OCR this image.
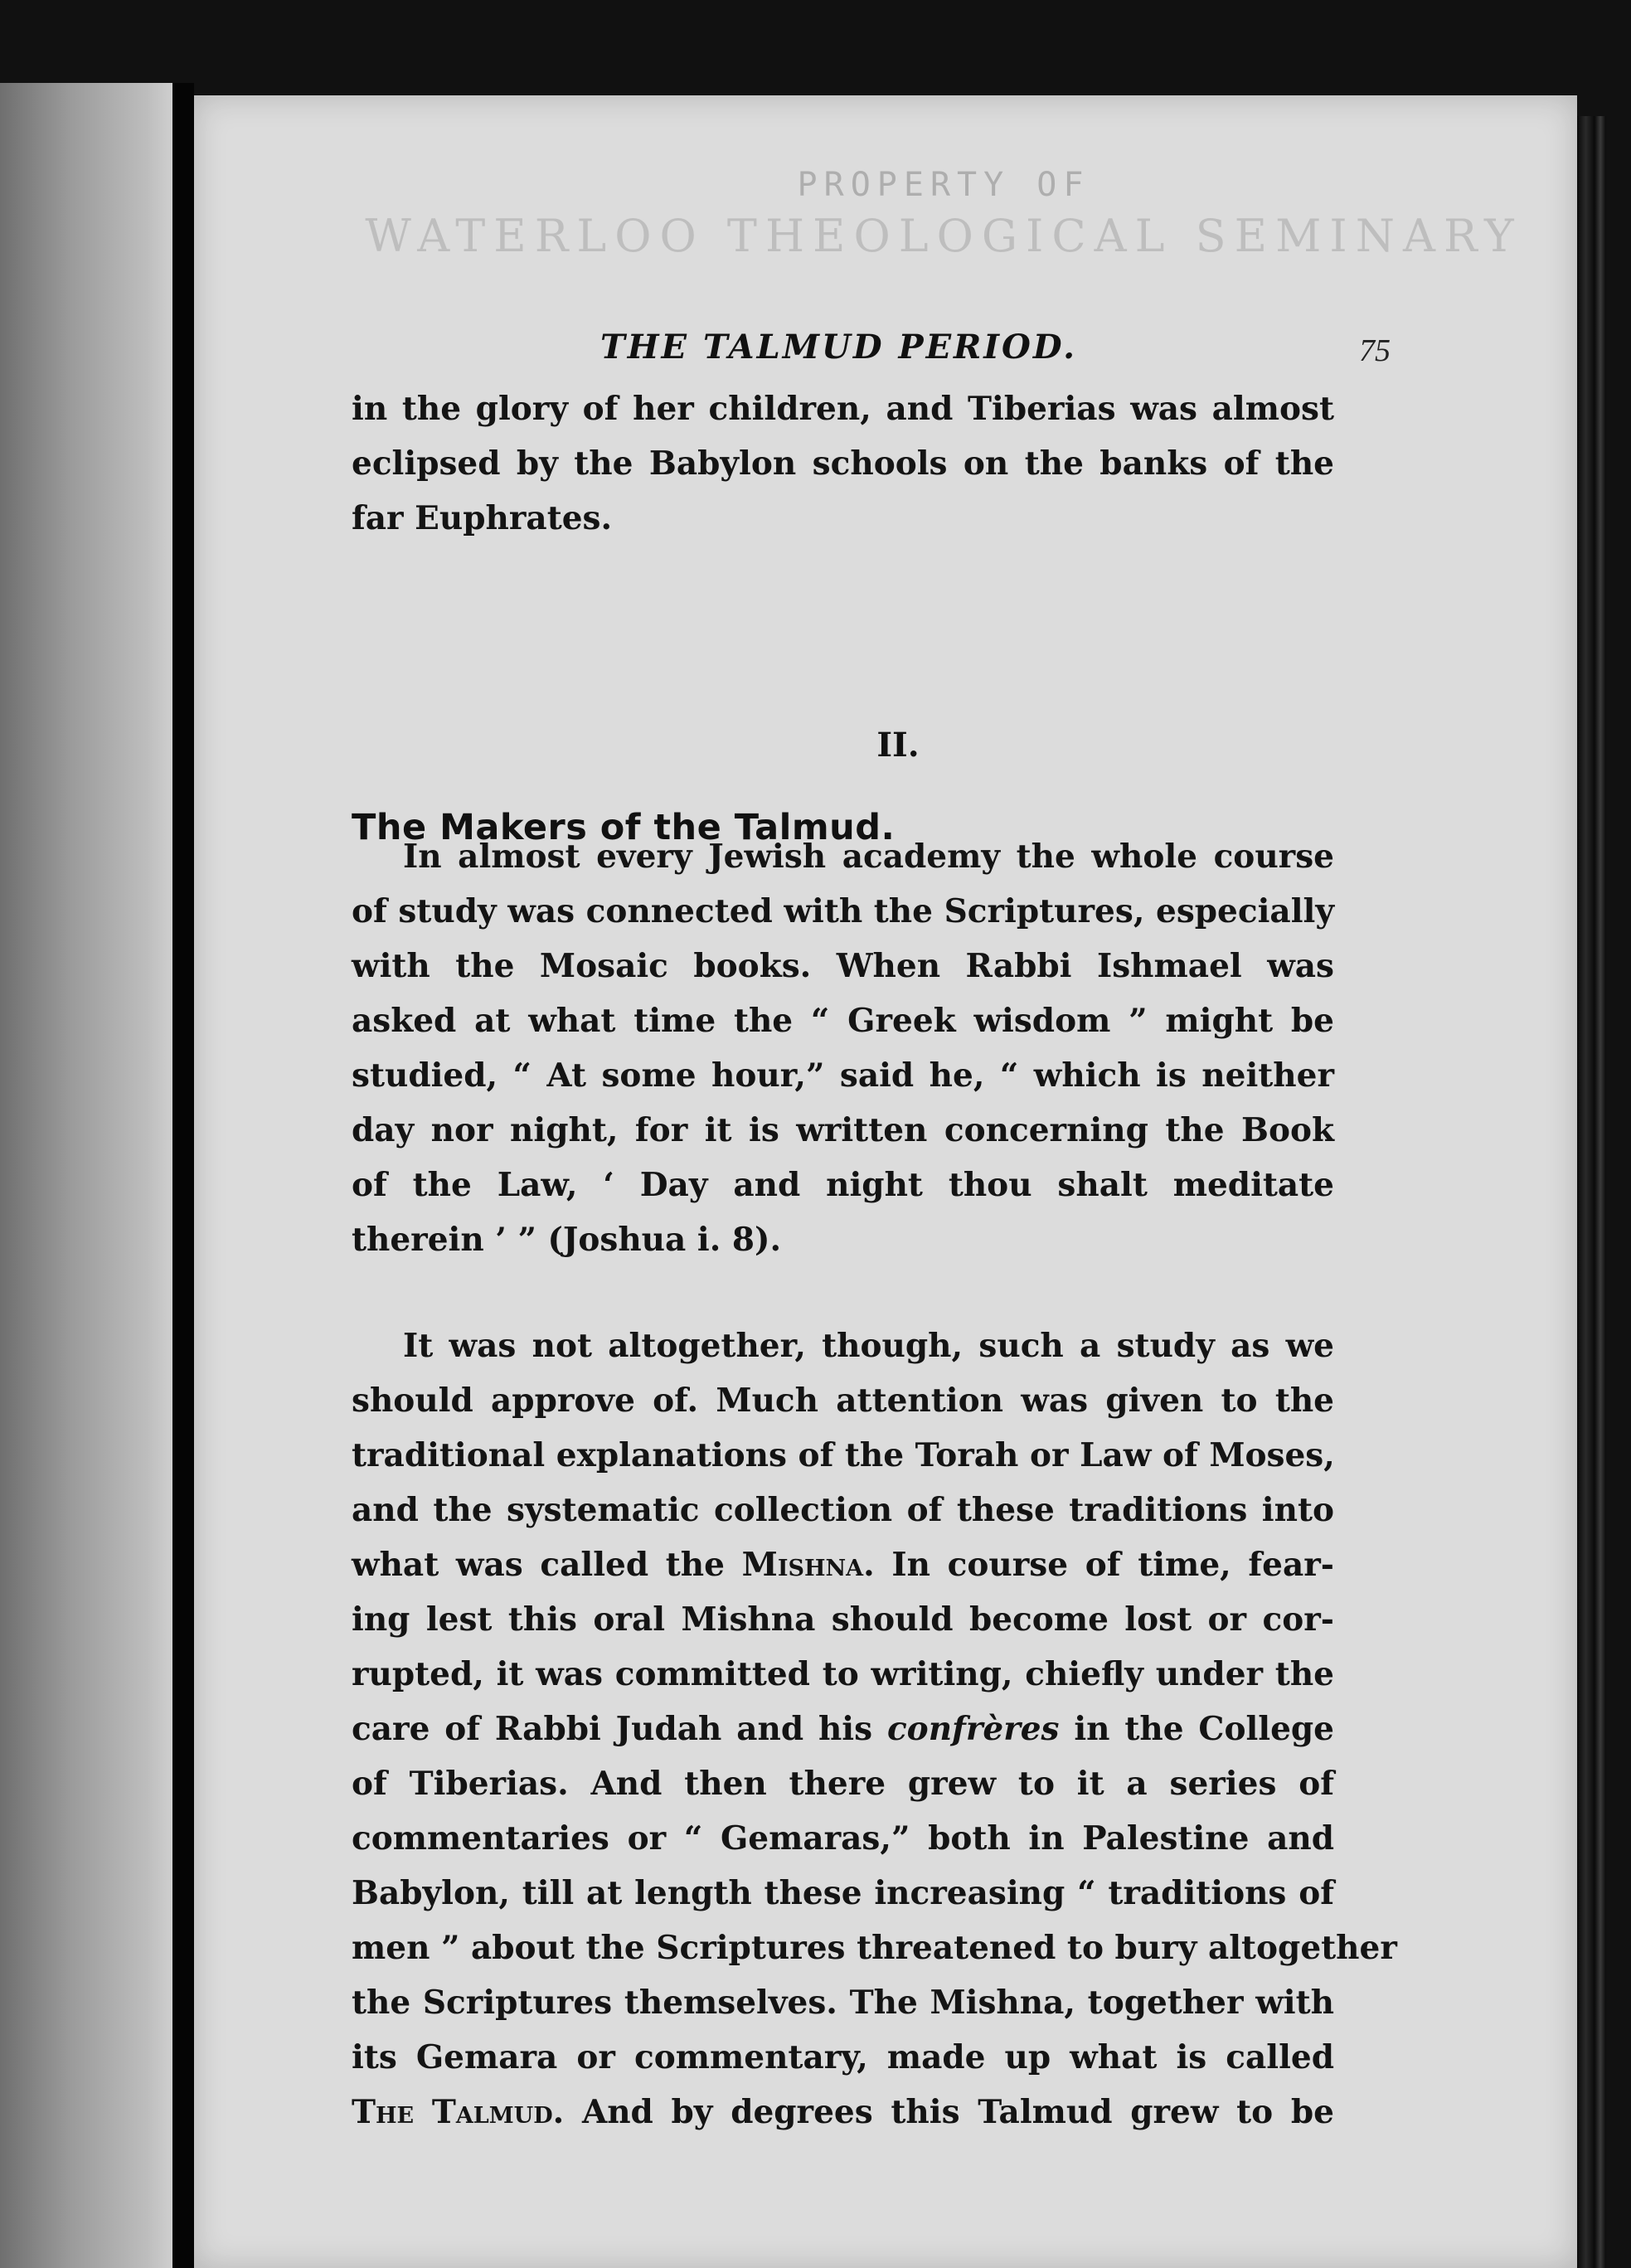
PROPERTY OF
WATERLOO THEOLOGICAL SEMINARY
THE TALMUD PERIOD.	75
in the glory of her children, and Tiberias was almost
eclipsed by the Babylon schools on the banks of the
far Euphrates.
II.
The Makers of the Talmud.
In almost every Jewish academy the whole course
of study was connected with the Scriptures, especially
with the Mosaic books. When Rabbi Ishmael was
asked at what time the “ Greek wisdom ” might be
studied, “ At some hour,” said he, “ which is neither
day nor night, for it is written concerning the Book
of the Law, ‘ Day and night thou shalt meditate
therein ’ ” (Joshua i. 8).
It was not altogether, though, such a study as we
should approve of. Much attention was given to the
traditional explanations of the Torah or Law of Moses,
and the systematic collection of these traditions into
what was called the Mishna. In course of time, fear-
ing lest this oral Mishna should become lost or cor-
rupted, it was committed to writing, chiefly under the
care of Rabbi Judah and his confrères in the College
of Tiberias. And then there grew to it a series of
commentaries or “ Gemaras,” both in Palestine and
Babylon, till at length these increasing “ traditions of
men ” about the Scriptures threatened to bury altogether
the Scriptures themselves. The Mishna, together with
its Gemara or commentary, made up what is called
The Talmud. And by degrees this Talmud grew to be
